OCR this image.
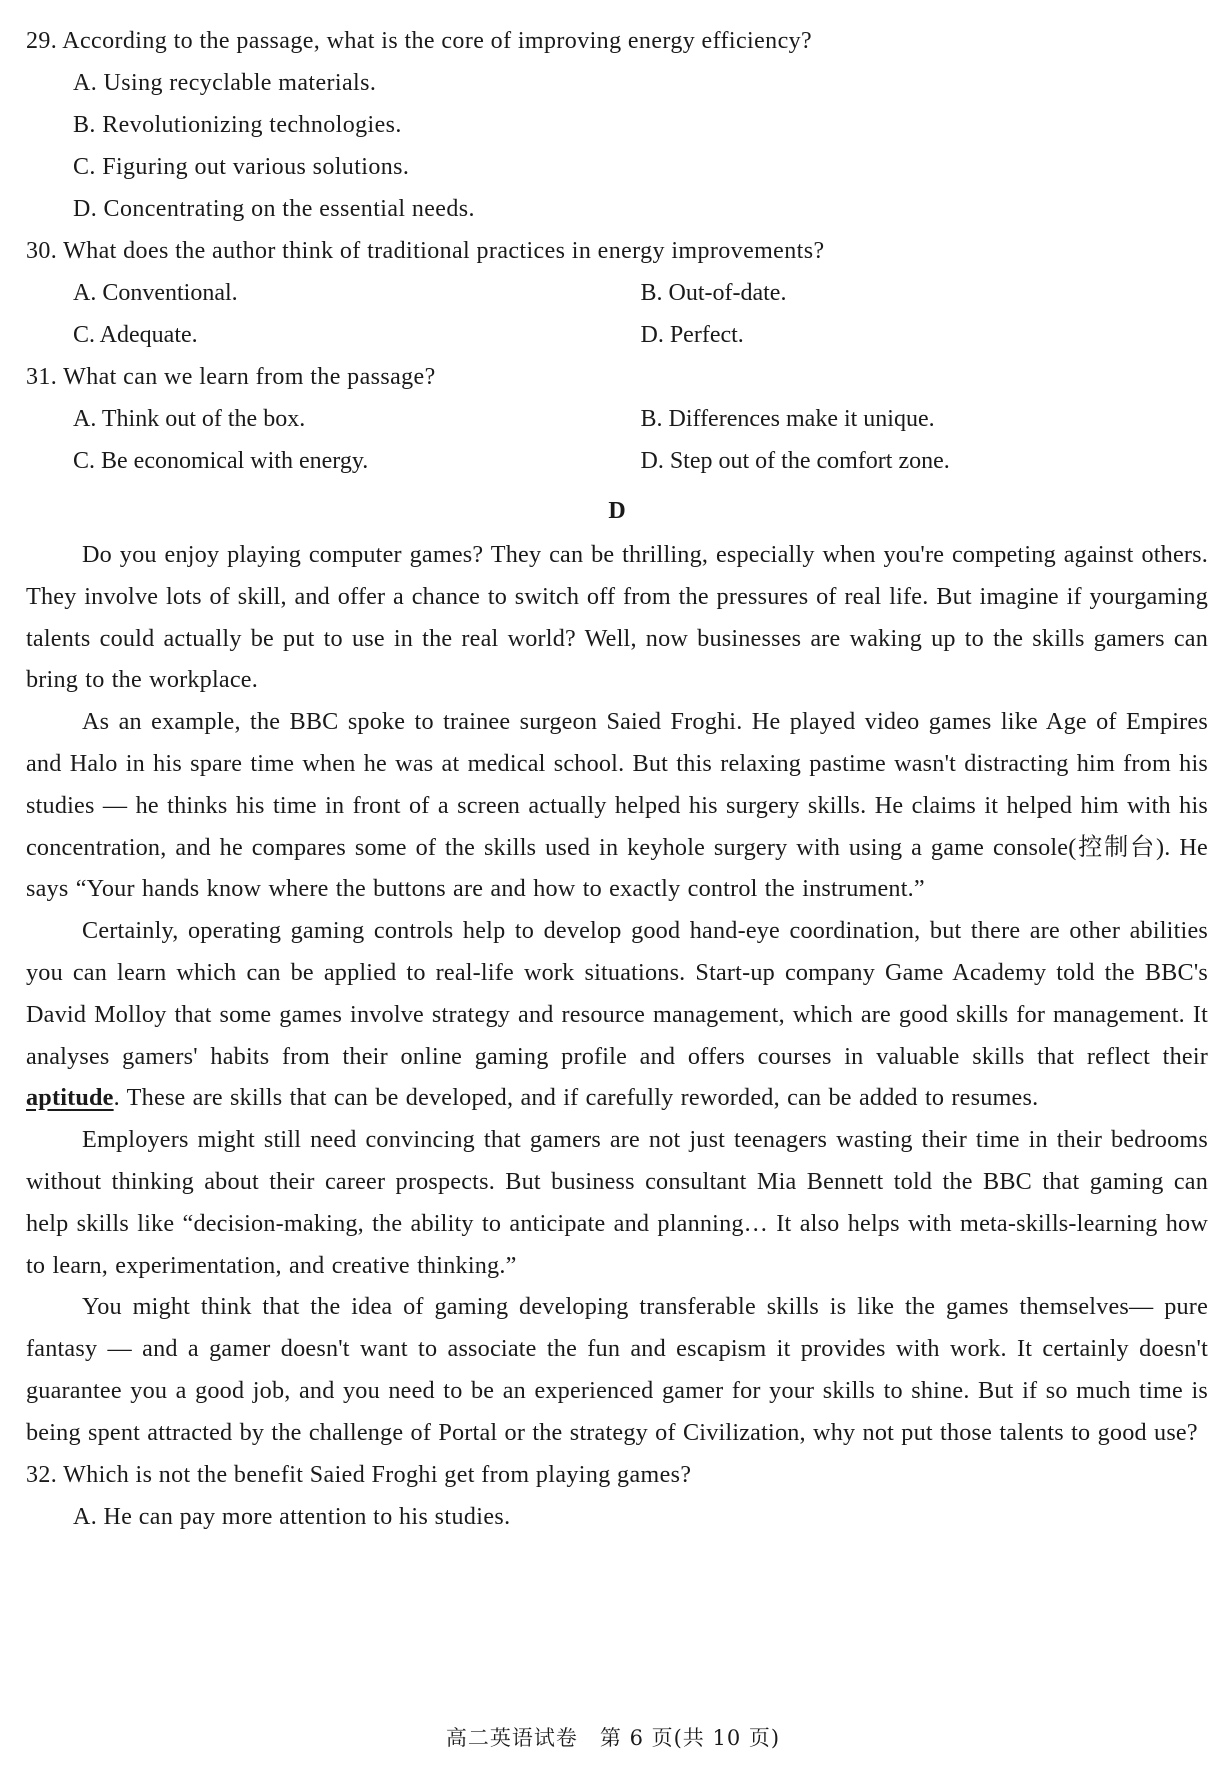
29. According to the passage, what is the core of improving energy efficiency?
A. Using recyclable materials.
B. Revolutionizing technologies.
C. Figuring out various solutions.
D. Concentrating on the essential needs.
30. What does the author think of traditional practices in energy improvements?
A. Conventional.	B. Out-of-date.
C. Adequate.	D. Perfect.
31. What can we learn from the passage?
A. Think out of the box.	B. Differences make it unique.
C. Be economical with energy.	D. Step out of the comfort zone.
D

Do you enjoy playing computer games? They can be thrilling, especially when you're competing against others. They involve lots of skill, and offer a chance to switch off from the pressures of real life. But imagine if yourgaming talents could actually be put to use in the real world? Well, now businesses are waking up to the skills gamers can bring to the workplace.

As an example, the BBC spoke to trainee surgeon Saied Froghi. He played video games like Age of Empires and Halo in his spare time when he was at medical school. But this relaxing pastime wasn't distracting him from his studies — he thinks his time in front of a screen actually helped his surgery skills. He claims it helped him with his concentration, and he compares some of the skills used in keyhole surgery with using a game console(控制台). He says “Your hands know where the buttons are and how to exactly control the instrument.”

Certainly, operating gaming controls help to develop good hand-eye coordination, but there are other abilities you can learn which can be applied to real-life work situations. Start-up company Game Academy told the BBC's David Molloy that some games involve strategy and resource management, which are good skills for management. It analyses gamers' habits from their online gaming profile and offers courses in valuable skills that reflect their aptitude. These are skills that can be developed, and if carefully reworded, can be added to resumes.

Employers might still need convincing that gamers are not just teenagers wasting their time in their bedrooms without thinking about their career prospects. But business consultant Mia Bennett told the BBC that gaming can help skills like “decision-making, the ability to anticipate and planning… It also helps with meta-skills-learning how to learn, experimentation, and creative thinking.”

You might think that the idea of gaming developing transferable skills is like the games themselves— pure fantasy — and a gamer doesn't want to associate the fun and escapism it provides with work. It certainly doesn't guarantee you a good job, and you need to be an experienced gamer for your skills to shine. But if so much time is being spent attracted by the challenge of Portal or the strategy of Civilization, why not put those talents to good use?

32. Which is not the benefit Saied Froghi get from playing games?
A. He can pay more attention to his studies.
高二英语试卷　第 6 页(共 10 页)
